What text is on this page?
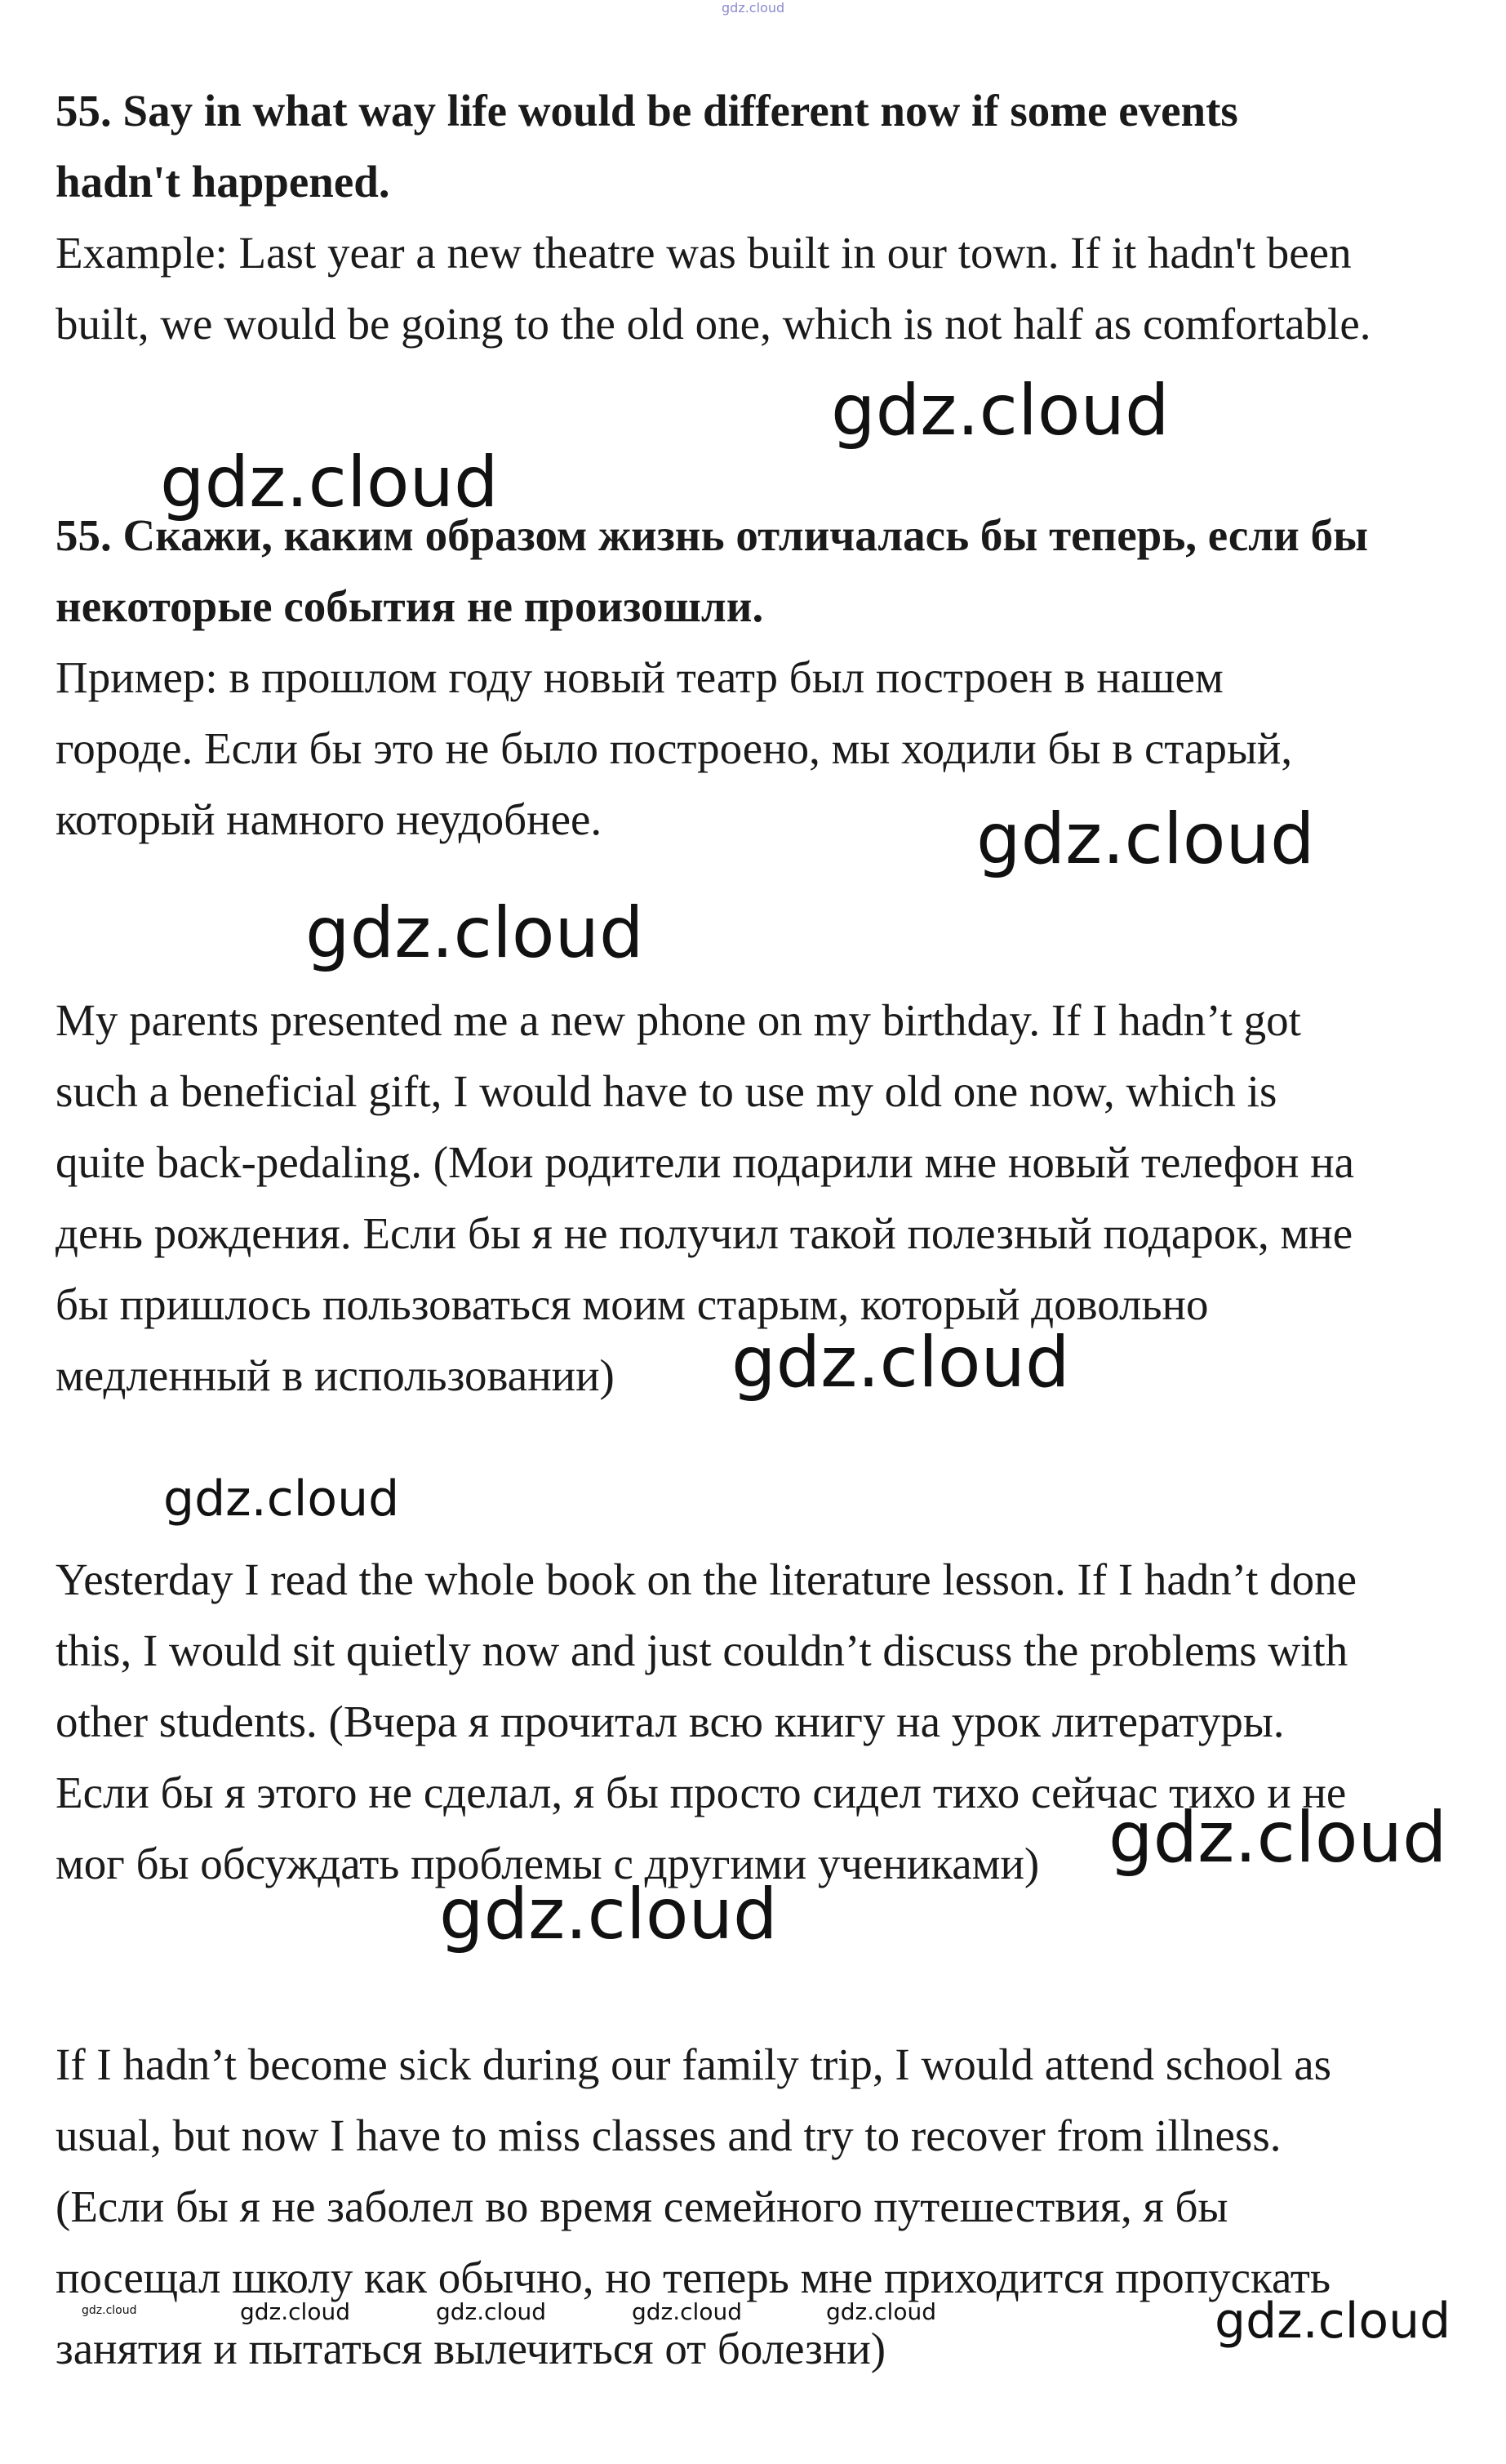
gdz.cloud
55. Say in what way life would be different now if some events
hadn't happened.
Example: Last year a new theatre was built in our town. If it hadn't been
built, we would be going to the old one, which is not half as comfortable.
55. Скажи, каким образом жизнь отличалась бы теперь, если бы
некоторые события не произошли.
Пример: в прошлом году новый театр был построен в нашем
городе. Если бы это не было построено, мы ходили бы в старый,
который намного неудобнее.
My parents presented me a new phone on my birthday. If I hadn’t got
such a beneficial gift, I would have to use my old one now, which is
quite back-pedaling. (Мои родители подарили мне новый телефон на
день рождения. Если бы я не получил такой полезный подарок, мне
бы пришлось пользоваться моим старым, который довольно
медленный в использовании)
Yesterday I read the whole book on the literature lesson. If I hadn’t done
this, I would sit quietly now and just couldn’t discuss the problems with
other students. (Вчера я прочитал всю книгу на урок литературы.
Если бы я этого не сделал, я бы просто сидел тихо сейчас тихо и не
мог бы обсуждать проблемы с другими учениками)
If I hadn’t become sick during our family trip, I would attend school as
usual, but now I have to miss classes and try to recover from illness.
(Если бы я не заболел во время семейного путешествия, я бы
посещал школу как обычно, но теперь мне приходится пропускать
занятия и пытаться вылечиться от болезни)
gdz.cloud
gdz.cloud
gdz.cloud
gdz.cloud
gdz.cloud
gdz.cloud
gdz.cloud
gdz.cloud
gdz.cloud
gdz.cloud	gdz.cloud	gdz.cloud	gdz.cloud	gdz.cloud
